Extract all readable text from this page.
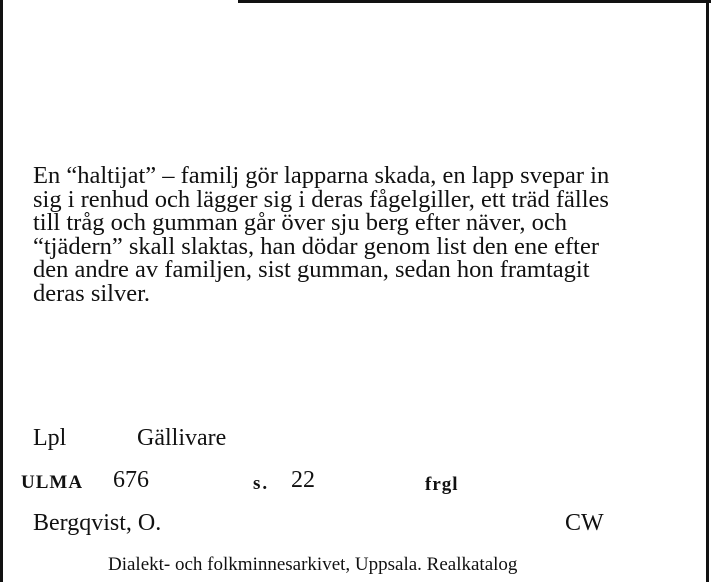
En “haltijat” – familj gör lapparna skada, en lapp svepar in
sig i renhud och lägger sig i deras fågelgiller, ett träd fälles
till tråg och gumman går över sju berg efter näver, och
“tjädern” skall slaktas, han dödar genom list den ene efter
den andre av familjen, sist gumman, sedan hon framtagit
deras silver.
Lpl	Gällivare
ULMA 676	s. 22	frgl
Bergqvist, O.	CW
Dialekt- och folkminnesarkivet, Uppsala. Realkatalog
